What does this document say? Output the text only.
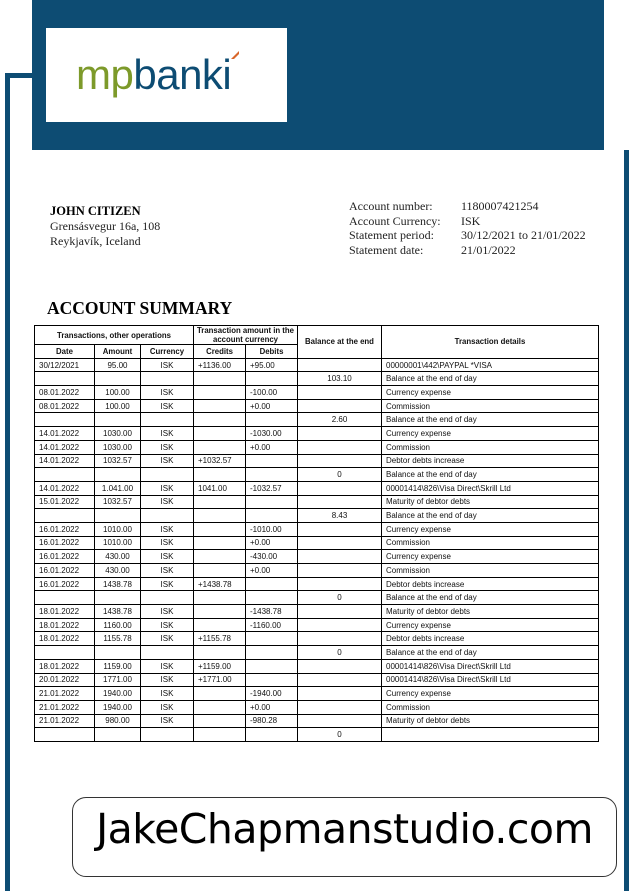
mpbanki
JOHN CITIZEN
Grensásvegur 16a, 108
Reykjavík, Iceland
Account number:	1180007421254
Account Currency:	ISK
Statement period:	30/12/2021 to 21/01/2022
Statement date:	21/01/2022
ACCOUNT SUMMARY
Transactions, other operations			Transaction amount in the account currency		Balance at the end	Transaction details
Date	Amount	Currency	Credits	Debits		
30/12/2021	95.00	ISK	+1136.00	+95.00		00000001\442\PAYPAL *VISA
					103.10	Balance at the end of day
08.01.2022	100.00	ISK		-100.00		Currency expense
08.01.2022	100.00	ISK		+0.00		Commission
					2.60	Balance at the end of day
14.01.2022	1030.00	ISK		-1030.00		Currency expense
14.01.2022	1030.00	ISK		+0.00		Commission
14.01.2022	1032.57	ISK	+1032.57			Debtor debts increase
					0	Balance at the end of day
14.01.2022	1.041.00	ISK	1041.00	-1032.57		00001414\826\Visa Direct\Skrill Ltd
15.01.2022	1032.57	ISK				Maturity of debtor debts
					8.43	Balance at the end of day
16.01.2022	1010.00	ISK		-1010.00		Currency expense
16.01.2022	1010.00	ISK		+0.00		Commission
16.01.2022	430.00	ISK		-430.00		Currency expense
16.01.2022	430.00	ISK		+0.00		Commission
16.01.2022	1438.78	ISK	+1438.78			Debtor debts increase
					0	Balance at the end of day
18.01.2022	1438.78	ISK		-1438.78		Maturity of debtor debts
18.01.2022	1160.00	ISK		-1160.00		Currency expense
18.01.2022	1155.78	ISK	+1155.78			Debtor debts increase
					0	Balance at the end of day
18.01.2022	1159.00	ISK	+1159.00			00001414\826\Visa Direct\Skrill Ltd
20.01.2022	1771.00	ISK	+1771.00			00001414\826\Visa Direct\Skrill Ltd
21.01.2022	1940.00	ISK		-1940.00		Currency expense
21.01.2022	1940.00	ISK		+0.00		Commission
21.01.2022	980.00	ISK		-980.28		Maturity of debtor debts
					0	
JakeChapmanstudio.com
